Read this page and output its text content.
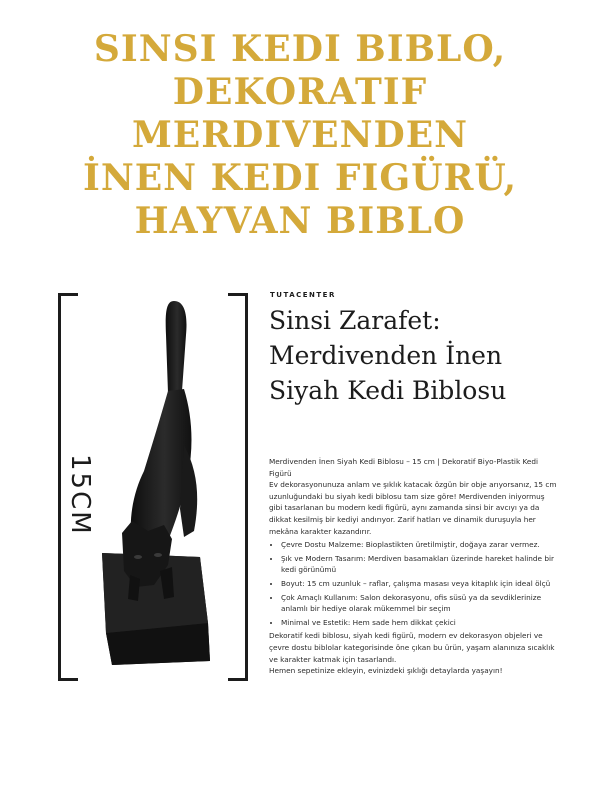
SINSI KEDI BIBLO,
DEKORATIF
MERDIVENDEN
İNEN KEDI FIGÜRÜ,
HAYVAN BIBLO
15CM

TUTACENTER

Sinsi Zarafet:
Merdivenden İnen
Siyah Kedi Biblosu

Merdivenden İnen Siyah Kedi Biblosu – 15 cm | Dekoratif Biyo-Plastik Kedi Figürü

Ev dekorasyonunuza anlam ve şıklık katacak özgün bir obje arıyorsanız, 15 cm uzunluğundaki bu siyah kedi biblosu tam size göre! Merdivenden iniyormuş gibi tasarlanan bu modern kedi figürü, aynı zamanda sinsi bir avcıyı ya da dikkat kesilmiş bir kediyi andırıyor. Zarif hatları ve dinamik duruşuyla her mekâna karakter kazandırır.

• Çevre Dostu Malzeme: Bioplastikten üretilmiştir, doğaya zarar vermez.
• Şık ve Modern Tasarım: Merdiven basamakları üzerinde hareket halinde bir kedi görünümü
• Boyut: 15 cm uzunluk – raflar, çalışma masası veya kitaplık için ideal ölçü
• Çok Amaçlı Kullanım: Salon dekorasyonu, ofis süsü ya da sevdiklerinize anlamlı bir hediye olarak mükemmel bir seçim
• Minimal ve Estetik: Hem sade hem dikkat çekici

Dekoratif kedi biblosu, siyah kedi figürü, modern ev dekorasyon objeleri ve çevre dostu biblolar kategorisinde öne çıkan bu ürün, yaşam alanınıza sıcaklık ve karakter katmak için tasarlandı.

Hemen sepetinize ekleyin, evinizdeki şıklığı detaylarda yaşayın!
